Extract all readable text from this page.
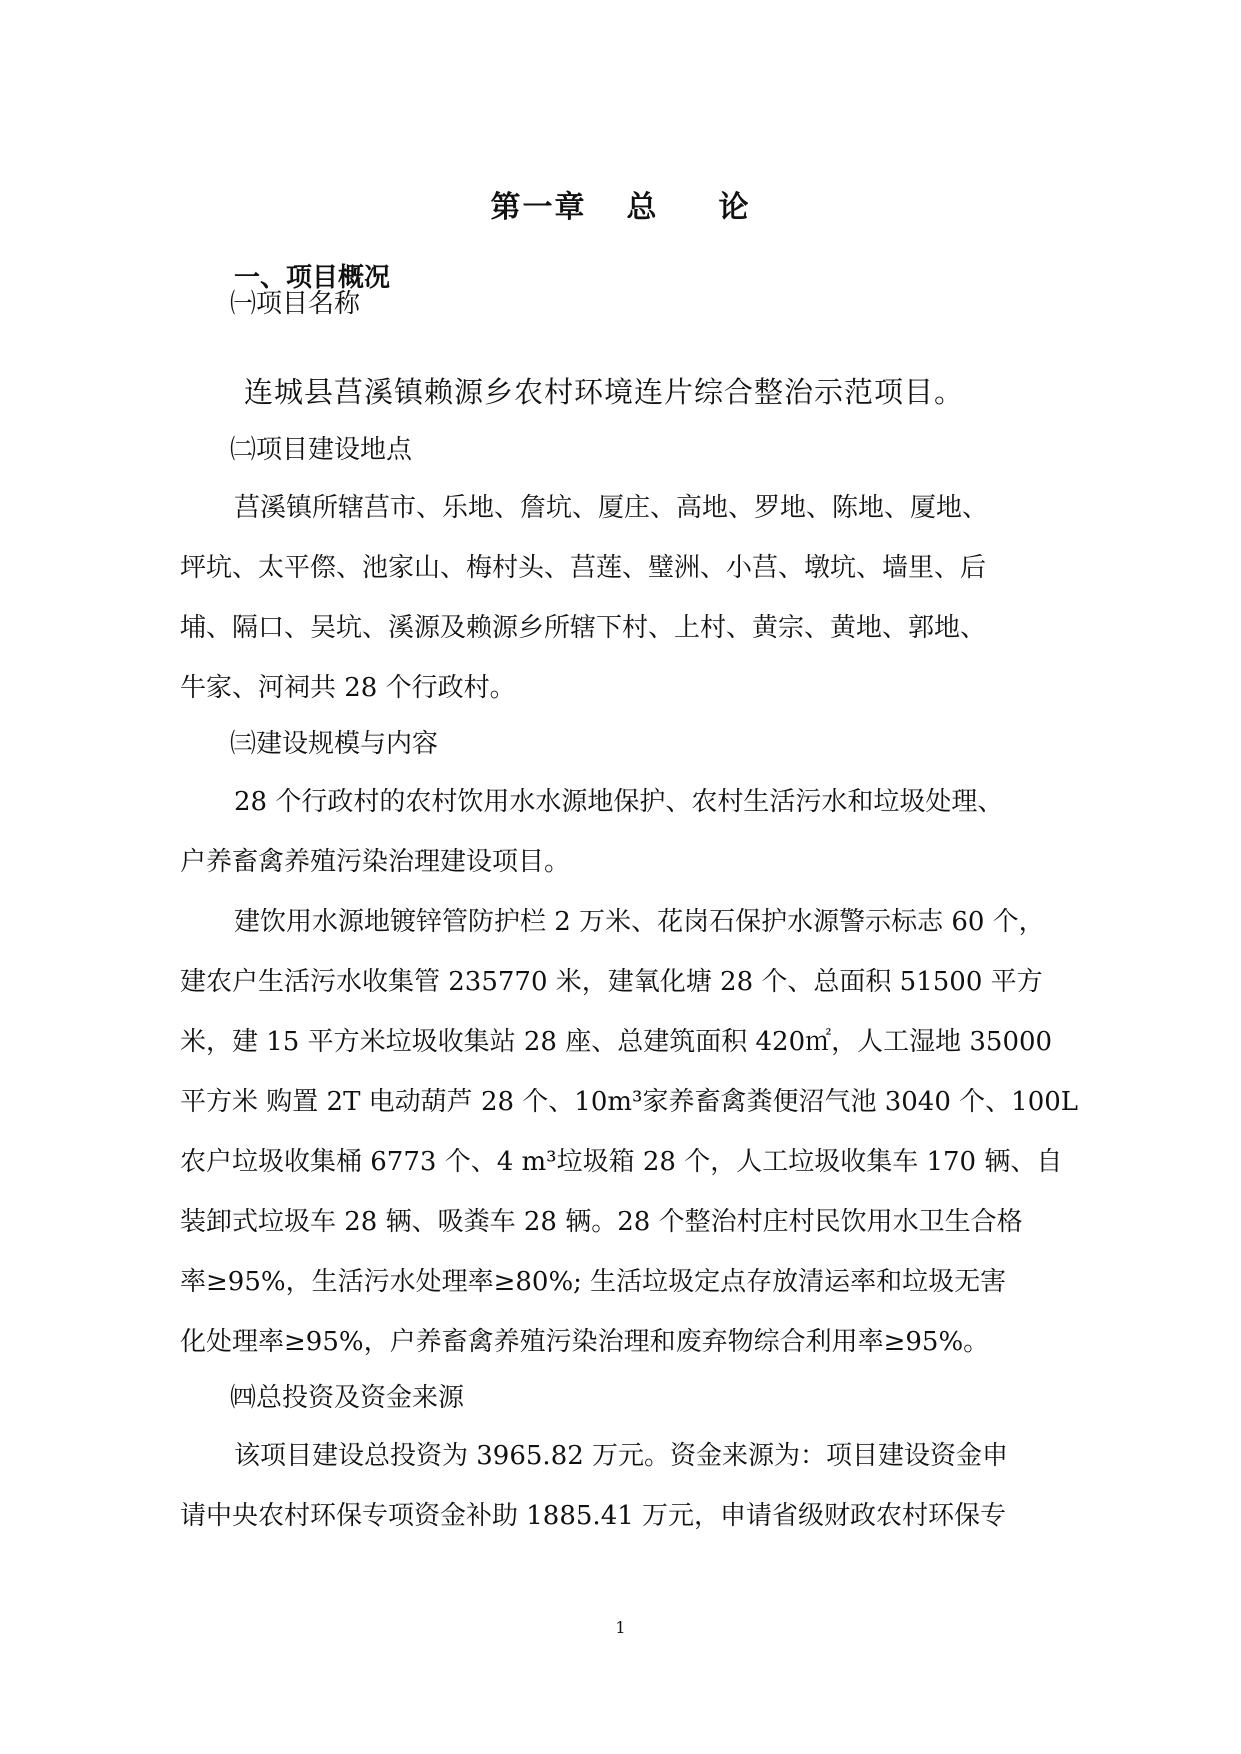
第一章 总 论
一、项目概况

㈠项目名称

连城县莒溪镇赖源乡农村环境连片综合整治示范项目。

㈡项目建设地点

莒溪镇所辖莒市、乐地、詹坑、厦庄、高地、罗地、陈地、厦地、

坪坑、太平傺、池家山、梅村头、莒莲、璧洲、小莒、墩坑、墙里、后

埔、隔口、吴坑、溪源及赖源乡所辖下村、上村、黄宗、黄地、郭地、

牛家、河祠共 28 个行政村。

㈢建设规模与内容

28 个行政村的农村饮用水水源地保护、农村生活污水和垃圾处理、

户养畜禽养殖污染治理建设项目。

建饮用水源地镀锌管防护栏 2 万米、花岗石保护水源警示标志 60 个，

建农户生活污水收集管 235770 米，建氧化塘 28 个、总面积 51500 平方

米，建 15 平方米垃圾收集站 28 座、总建筑面积 420㎡，人工湿地 35000

平方米 购置 2T 电动葫芦 28 个、10m³家养畜禽粪便沼气池 3040 个、100L

农户垃圾收集桶 6773 个、4 m³垃圾箱 28 个，人工垃圾收集车 170 辆、自

装卸式垃圾车 28 辆、吸粪车 28 辆。28 个整治村庄村民饮用水卫生合格

率≥95%，生活污水处理率≥80%; 生活垃圾定点存放清运率和垃圾无害

化处理率≥95%，户养畜禽养殖污染治理和废弃物综合利用率≥95%。

㈣总投资及资金来源

该项目建设总投资为 3965.82 万元。资金来源为：项目建设资金申

请中央农村环保专项资金补助 1885.41 万元，申请省级财政农村环保专

1
